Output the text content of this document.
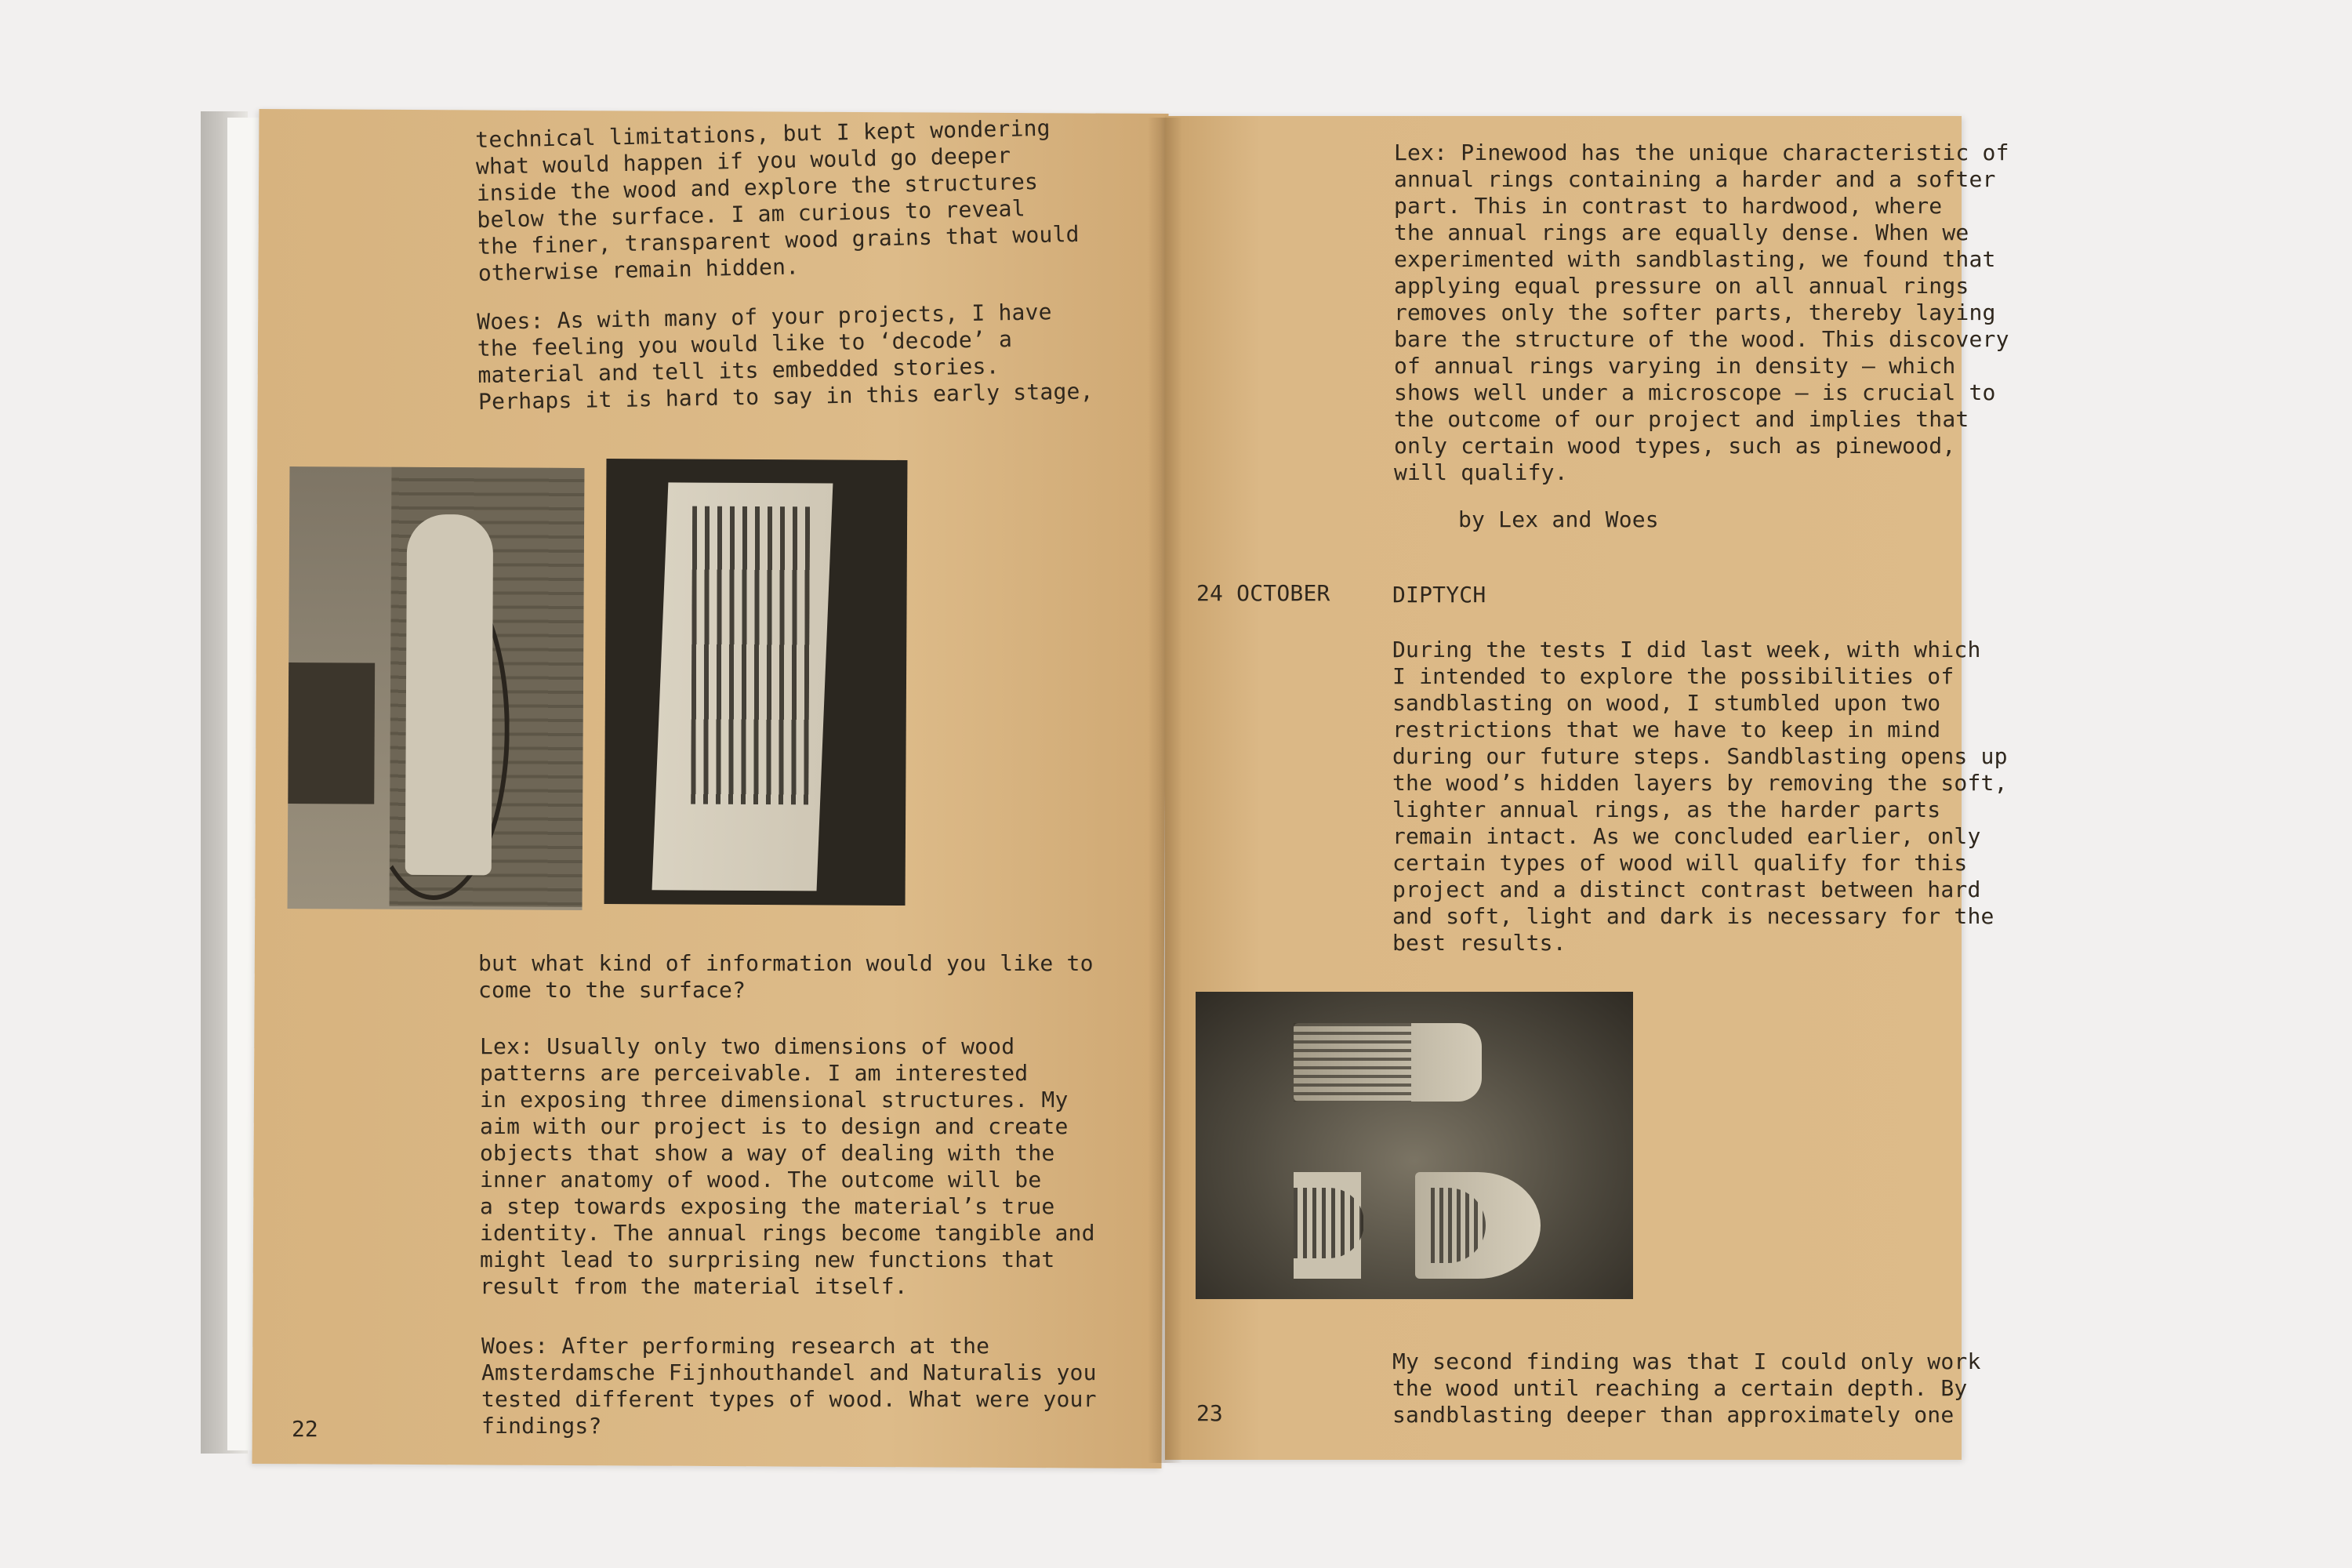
technical limitations, but I kept wondering
what would happen if you would go deeper
inside the wood and explore the structures
below the surface. I am curious to reveal
the finer, transparent wood grains that would
otherwise remain hidden.
Woes: As with many of your projects, I have
the feeling you would like to ‘decode’ a
material and tell its embedded stories.
Perhaps it is hard to say in this early stage,
but what kind of information would you like to
come to the surface?
Lex: Usually only two dimensions of wood
patterns are perceivable. I am interested
in exposing three dimensional structures. My
aim with our project is to design and create
objects that show a way of dealing with the
inner anatomy of wood. The outcome will be
a step towards exposing the material’s true
identity. The annual rings become tangible and
might lead to surprising new functions that
result from the material itself.
Woes: After performing research at the
Amsterdamsche Fijnhouthandel and Naturalis you
tested different types of wood. What were your
findings?
22
Lex: Pinewood has the unique characteristic of
annual rings containing a harder and a softer
part. This in contrast to hardwood, where
the annual rings are equally dense. When we
experimented with sandblasting, we found that
applying equal pressure on all annual rings
removes only the softer parts, thereby laying
bare the structure of the wood. This discovery
of annual rings varying in density — which
shows well under a microscope — is crucial to
the outcome of our project and implies that
only certain wood types, such as pinewood,
will qualify.
by Lex and Woes
24 OCTOBER	DIPTYCH
During the tests I did last week, with which
I intended to explore the possibilities of
sandblasting on wood, I stumbled upon two
restrictions that we have to keep in mind
during our future steps. Sandblasting opens up
the wood’s hidden layers by removing the soft,
lighter annual rings, as the harder parts
remain intact. As we concluded earlier, only
certain types of wood will qualify for this
project and a distinct contrast between hard
and soft, light and dark is necessary for the
best results.
My second finding was that I could only work
the wood until reaching a certain depth. By
sandblasting deeper than approximately one
23
